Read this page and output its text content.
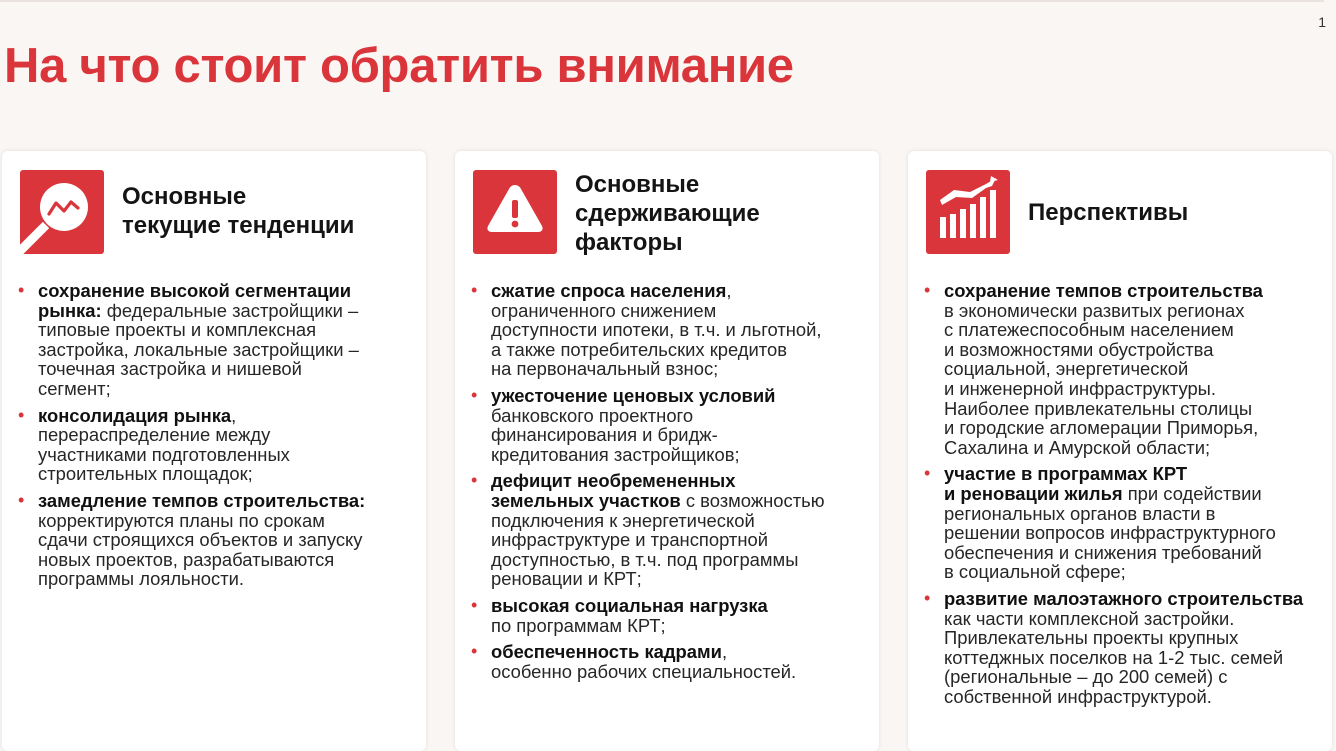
1
На что стоит обратить внимание
Основные
текущие тенденции
• сохранение высокой сегментации
рынка: федеральные застройщики –
типовые проекты и комплексная
застройка, локальные застройщики –
точечная застройка и нишевой
сегмент;
• консолидация рынка,
перераспределение между
участниками подготовленных
строительных площадок;
• замедление темпов строительства:
корректируются планы по срокам
сдачи строящихся объектов и запуску
новых проектов, разрабатываются
программы лояльности.
Основные
сдерживающие
факторы
• сжатие спроса населения,
ограниченного снижением
доступности ипотеки, в т.ч. и льготной,
а также потребительских кредитов
на первоначальный взнос;
• ужесточение ценовых условий
банковского проектного
финансирования и бридж-
кредитования застройщиков;
• дефицит необремененных
земельных участков с возможностью
подключения к энергетической
инфраструктуре и транспортной
доступностью, в т.ч. под программы
реновации и КРТ;
• высокая социальная нагрузка
по программам КРТ;
• обеспеченность кадрами,
особенно рабочих специальностей.
Перспективы
• сохранение темпов строительства
в экономически развитых регионах
с платежеспособным населением
и возможностями обустройства
социальной, энергетической
и инженерной инфраструктуры.
Наиболее привлекательны столицы
и городские агломерации Приморья,
Сахалина и Амурской области;
• участие в программах КРТ
и реновации жилья при содействии
региональных органов власти в
решении вопросов инфраструктурного
обеспечения и снижения требований
в социальной сфере;
• развитие малоэтажного строительства
как части комплексной застройки.
Привлекательны проекты крупных
коттеджных поселков на 1-2 тыс. семей
(региональные – до 200 семей) с
собственной инфраструктурой.
